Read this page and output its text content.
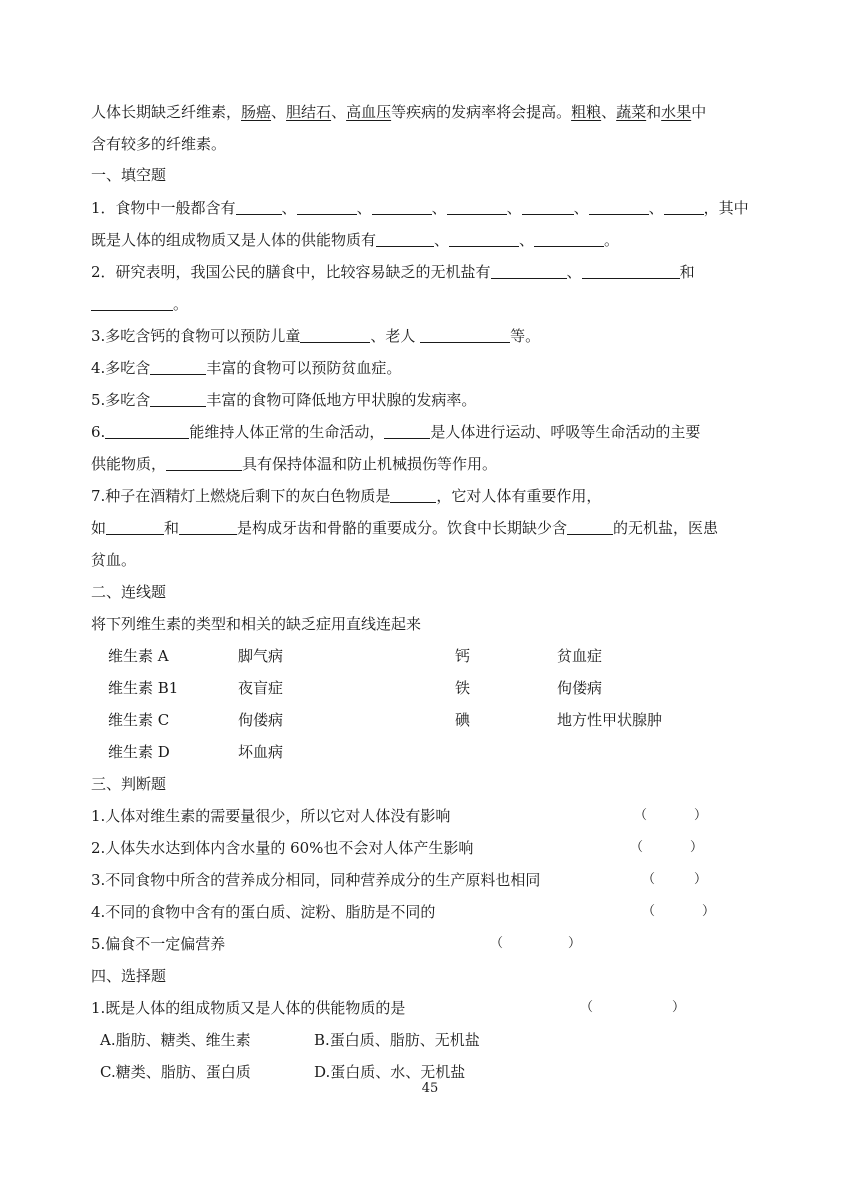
人体长期缺乏纤维素，肠癌、胆结石、高血压等疾病的发病率将会提高。粗粮、蔬菜和水果中
含有较多的纤维素。
一、填空题
1．食物中一般都含有	、	、	、	、	、	、	，其中
既是人体的组成物质又是人体的供能物质有	、	、	。
2．研究表明，我国公民的膳食中，比较容易缺乏的无机盐有	、	和
。
3.多吃含钙的食物可以预防儿童	、老人	等。
4.多吃含	丰富的食物可以预防贫血症。
5.多吃含	丰富的食物可降低地方甲状腺的发病率。
6.	能维持人体正常的生命活动，	是人体进行运动、呼吸等生命活动的主要
供能物质，	具有保持体温和防止机械损伤等作用。
7.种子在酒精灯上燃烧后剩下的灰白色物质是	，它对人体有重要作用，
如	和	是构成牙齿和骨骼的重要成分。饮食中长期缺少含	的无机盐，医患
贫血。
二、连线题
将下列维生素的类型和相关的缺乏症用直线连起来
维生素 A	脚气病	钙	贫血症
维生素 B1	夜盲症	铁	佝偻病
维生素 C	佝偻病	碘	地方性甲状腺肿
维生素 D	坏血病
三、判断题
1.人体对维生素的需要量很少，所以它对人体没有影响	（	）
2.人体失水达到体内含水量的 60%也不会对人体产生影响	（	）
3.不同食物中所含的营养成分相同，同种营养成分的生产原料也相同	（	）
4.不同的食物中含有的蛋白质、淀粉、脂肪是不同的	（	）
5.偏食不一定偏营养	（	）
四、选择题
1.既是人体的组成物质又是人体的供能物质的是	（	）
A.脂肪、糖类、维生素	B.蛋白质、脂肪、无机盐
C.糖类、脂肪、蛋白质	D.蛋白质、水、无机盐
45
